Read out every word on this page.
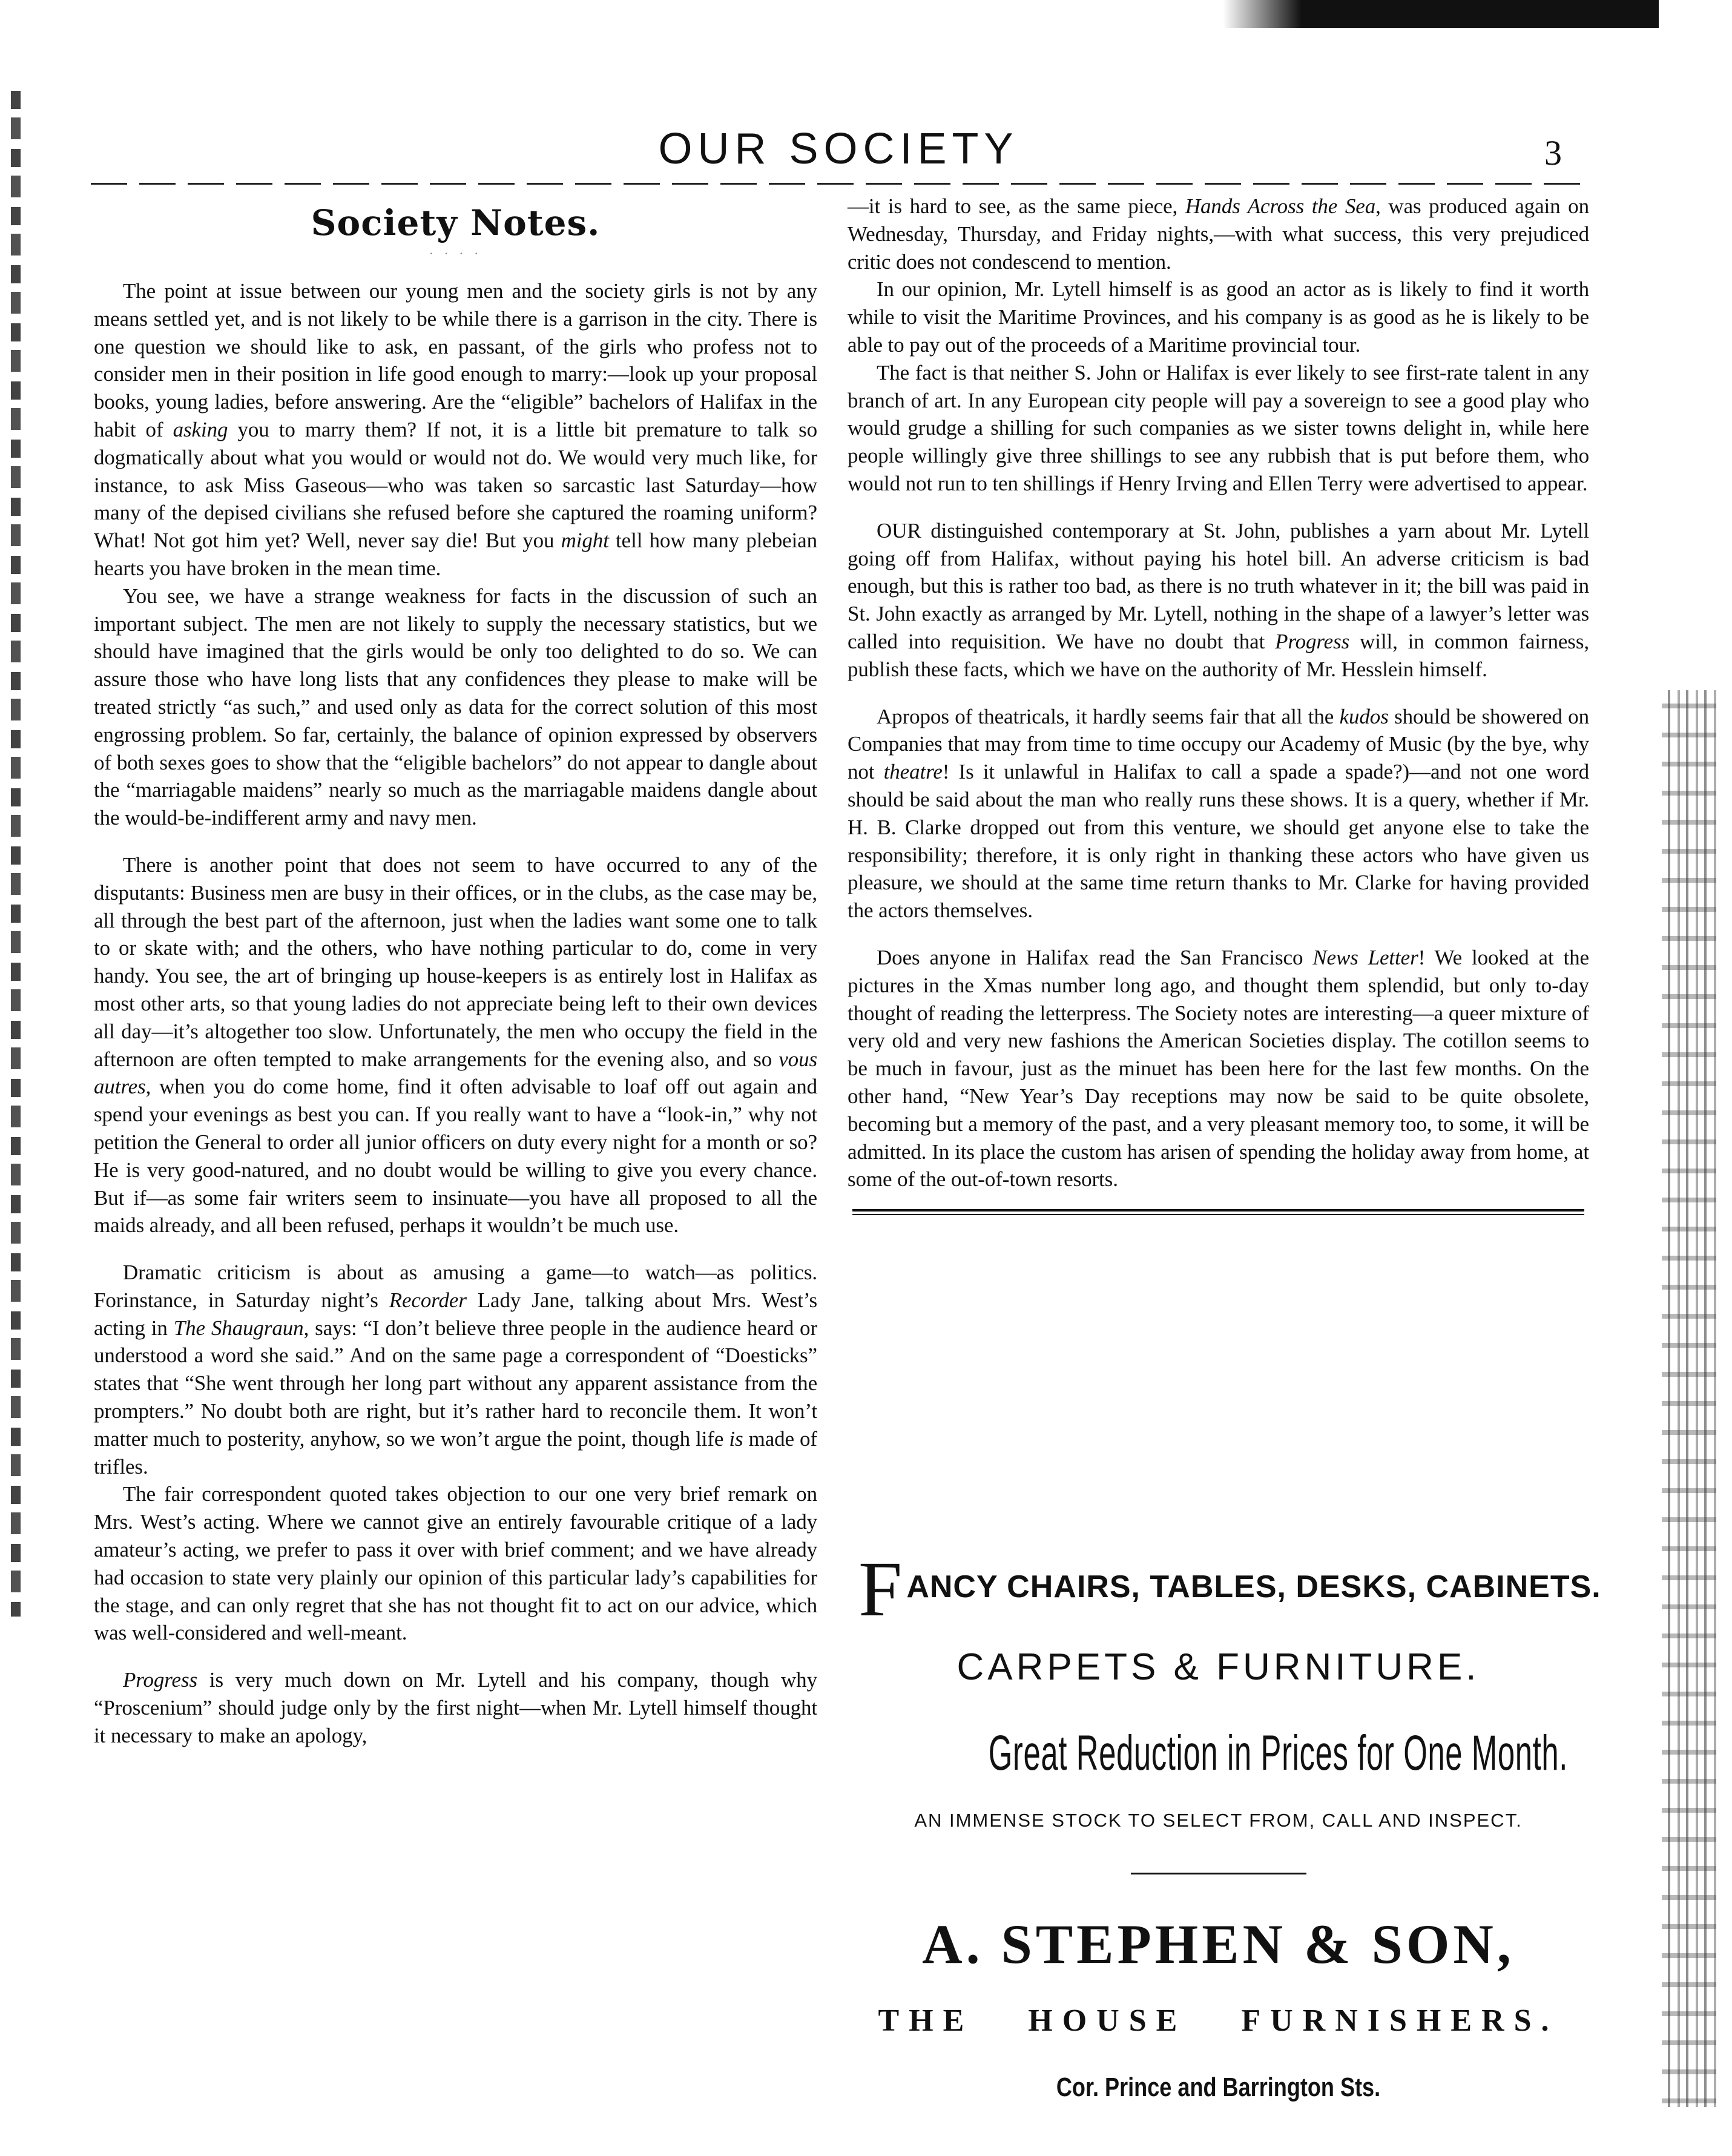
OUR SOCIETY	3
Society Notes.
· · · ·

The point at issue between our young men and the society girls is not by any means settled yet, and is not likely to be while there is a garrison in the city. There is one question we should like to ask, en passant, of the girls who profess not to consider men in their position in life good enough to marry:—look up your proposal books, young ladies, before answering. Are the “eligible” bachelors of Halifax in the habit of asking you to marry them? If not, it is a little bit premature to talk so dogmatically about what you would or would not do. We would very much like, for instance, to ask Miss Gaseous—who was taken so sarcastic last Saturday—how many of the depised civilians she refused before she captured the roaming uniform? What! Not got him yet? Well, never say die! But you might tell how many plebeian hearts you have broken in the mean time.

You see, we have a strange weakness for facts in the discussion of such an important subject. The men are not likely to supply the necessary statistics, but we should have imagined that the girls would be only too delighted to do so. We can assure those who have long lists that any confidences they please to make will be treated strictly “as such,” and used only as data for the correct solution of this most engrossing problem. So far, certainly, the balance of opinion expressed by observers of both sexes goes to show that the “eligible bachelors” do not appear to dangle about the “marriagable maidens” nearly so much as the marriagable maidens dangle about the would-be-indifferent army and navy men.

There is another point that does not seem to have occurred to any of the disputants: Business men are busy in their offices, or in the clubs, as the case may be, all through the best part of the afternoon, just when the ladies want some one to talk to or skate with; and the others, who have nothing particular to do, come in very handy. You see, the art of bringing up house-keepers is as entirely lost in Halifax as most other arts, so that young ladies do not appreciate being left to their own devices all day—it’s altogether too slow. Unfortunately, the men who occupy the field in the afternoon are often tempted to make arrangements for the evening also, and so vous autres, when you do come home, find it often advisable to loaf off out again and spend your evenings as best you can. If you really want to have a “look-in,” why not petition the General to order all junior officers on duty every night for a month or so? He is very good-natured, and no doubt would be willing to give you every chance. But if—as some fair writers seem to insinuate—you have all proposed to all the maids already, and all been refused, perhaps it wouldn’t be much use.

Dramatic criticism is about as amusing a game—to watch—as politics. Forinstance, in Saturday night’s Recorder Lady Jane, talking about Mrs. West’s acting in The Shaugraun, says: “I don’t believe three people in the audience heard or understood a word she said.” And on the same page a correspondent of “Doesticks” states that “She went through her long part without any apparent assistance from the prompters.” No doubt both are right, but it’s rather hard to reconcile them. It won’t matter much to posterity, anyhow, so we won’t argue the point, though life is made of trifles.

The fair correspondent quoted takes objection to our one very brief remark on Mrs. West’s acting. Where we cannot give an entirely favourable critique of a lady amateur’s acting, we prefer to pass it over with brief comment; and we have already had occasion to state very plainly our opinion of this particular lady’s capabilities for the stage, and can only regret that she has not thought fit to act on our advice, which was well-considered and well-meant.

Progress is very much down on Mr. Lytell and his company, though why “Proscenium” should judge only by the first night—when Mr. Lytell himself thought it necessary to make an apology,

—it is hard to see, as the same piece, Hands Across the Sea, was produced again on Wednesday, Thursday, and Friday nights,—with what success, this very prejudiced critic does not condescend to mention.

In our opinion, Mr. Lytell himself is as good an actor as is likely to find it worth while to visit the Maritime Provinces, and his company is as good as he is likely to be able to pay out of the proceeds of a Maritime provincial tour.

The fact is that neither S. John or Halifax is ever likely to see first-rate talent in any branch of art. In any European city people will pay a sovereign to see a good play who would grudge a shilling for such companies as we sister towns delight in, while here people willingly give three shillings to see any rubbish that is put before them, who would not run to ten shillings if Henry Irving and Ellen Terry were advertised to appear.

OUR distinguished contemporary at St. John, publishes a yarn about Mr. Lytell going off from Halifax, without paying his hotel bill. An adverse criticism is bad enough, but this is rather too bad, as there is no truth whatever in it; the bill was paid in St. John exactly as arranged by Mr. Lytell, nothing in the shape of a lawyer’s letter was called into requisition. We have no doubt that Progress will, in common fairness, publish these facts, which we have on the authority of Mr. Hesslein himself.

Apropos of theatricals, it hardly seems fair that all the kudos should be showered on Companies that may from time to time occupy our Academy of Music (by the bye, why not theatre! Is it unlawful in Halifax to call a spade a spade?)—and not one word should be said about the man who really runs these shows. It is a query, whether if Mr. H. B. Clarke dropped out from this venture, we should get anyone else to take the responsibility; therefore, it is only right in thanking these actors who have given us pleasure, we should at the same time return thanks to Mr. Clarke for having provided the actors themselves.

Does anyone in Halifax read the San Francisco News Letter! We looked at the pictures in the Xmas number long ago, and thought them splendid, but only to-day thought of reading the letterpress. The Society notes are interesting—a queer mixture of very old and very new fashions the American Societies display. The cotillon seems to be much in favour, just as the minuet has been here for the last few months. On the other hand, “New Year’s Day receptions may now be said to be quite obsolete, becoming but a memory of the past, and a very pleasant memory too, to some, it will be admitted. In its place the custom has arisen of spending the holiday away from home, at some of the out-of-town resorts.

FANCY CHAIRS, TABLES, DESKS, CABINETS.
CARPETS & FURNITURE.
Great Reduction in Prices for One Month.
AN IMMENSE STOCK TO SELECT FROM, CALL AND INSPECT.
A. STEPHEN & SON,
THE HOUSE FURNISHERS.
Cor. Prince and Barrington Sts.
